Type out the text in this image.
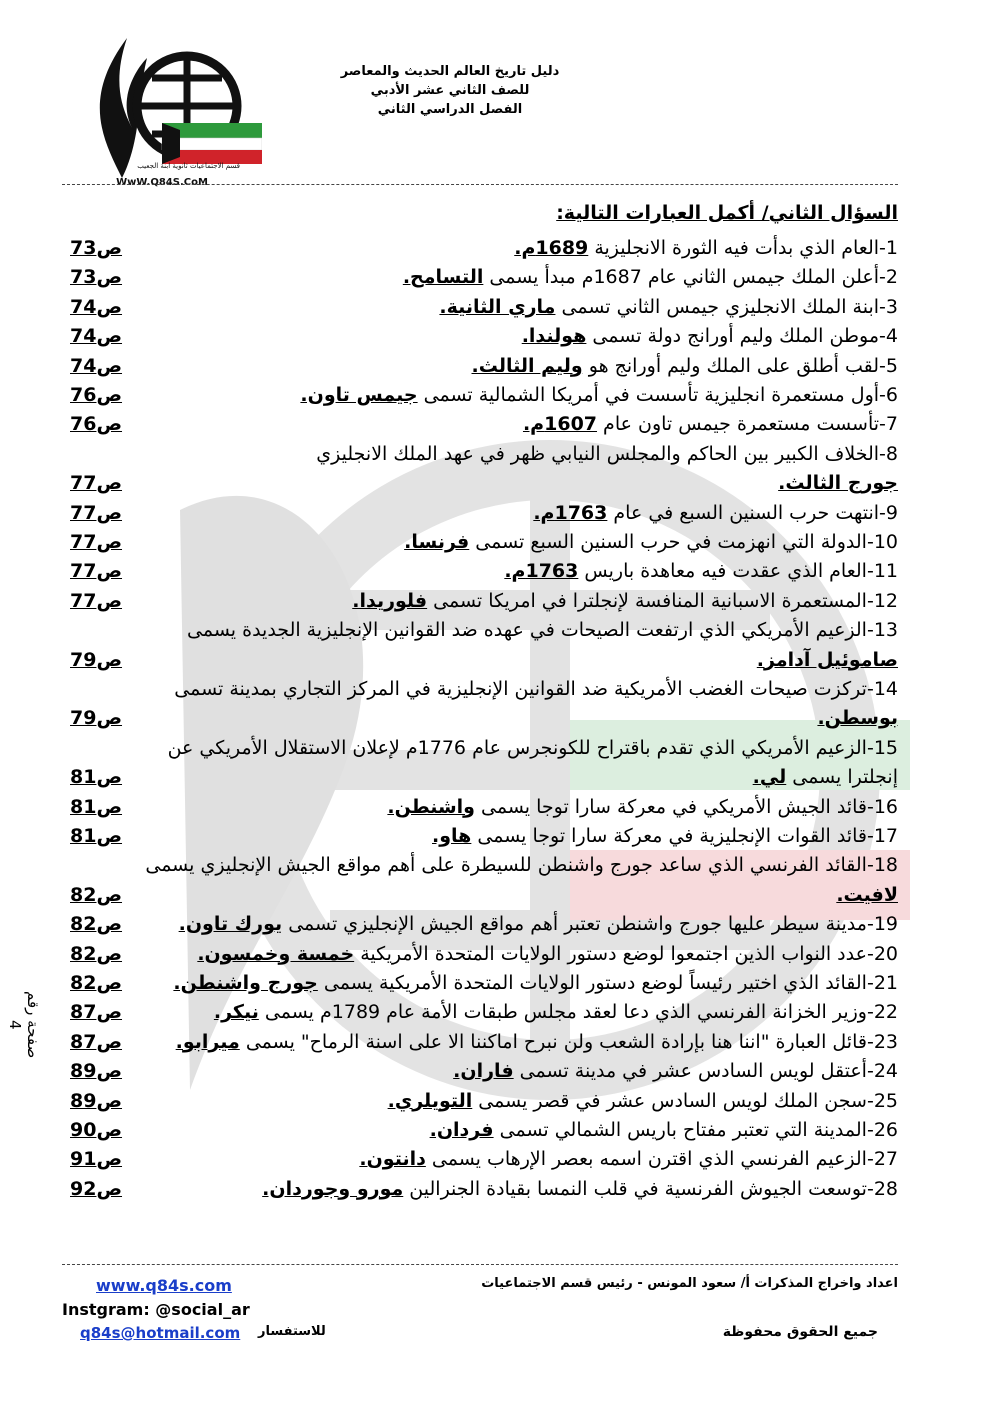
قسم الاجتماعيات ثانوية ابنة الجعيب
WwW.Q84S.CoM
دليل تاريخ العالم الحديث والمعاصر
للصف الثاني عشر الأدبي
الفصل الدراسي الثاني
السؤال الثاني/ أكمل العبارات التالية:
1-العام الذي بدأت فيه الثورة الانجليزية 1689م.
ص73
2-أعلن الملك جيمس الثاني عام 1687م مبدأ يسمى التسامح.
ص73
3-ابنة الملك الانجليزي جيمس الثاني تسمى ماري الثانية.
ص74
4-موطن الملك وليم أورانج دولة تسمى هولندا.
ص74
5-لقب أطلق على الملك وليم أورانج هو وليم الثالث.
ص74
6-أول مستعمرة انجليزية تأسست في أمريكا الشمالية تسمى جيمس تاون.
ص76
7-تأسست مستعمرة جيمس تاون عام 1607م.
ص76
8-الخلاف الكبير بين الحاكم والمجلس النيابي ظهر في عهد الملك الانجليزي
جورج الثالث.
ص77
9-انتهت حرب السنين السبع في عام 1763م.
ص77
10-الدولة التي انهزمت في حرب السنين السبع تسمى فرنسا.
ص77
11-العام الذي عقدت فيه معاهدة باريس 1763م.
ص77
12-المستعمرة الاسبانية المنافسة لإنجلترا في امريكا تسمى فلوريدا.
ص77
13-الزعيم الأمريكي الذي ارتفعت الصيحات في عهده ضد القوانين الإنجليزية الجديدة يسمى
صاموئيل آدامز.
ص79
14-تركزت صيحات الغضب الأمريكية ضد القوانين الإنجليزية في المركز التجاري بمدينة تسمى
بوسطن.
ص79
15-الزعيم الأمريكي الذي تقدم باقتراح للكونجرس عام 1776م لإعلان الاستقلال الأمريكي عن
إنجلترا يسمى لي.
ص81
16-قائد الجيش الأمريكي في معركة سارا توجا يسمى واشنطن.
ص81
17-قائد القوات الإنجليزية في معركة سارا توجا يسمى هاو.
ص81
18-القائد الفرنسي الذي ساعد جورج واشنطن للسيطرة على أهم مواقع الجيش الإنجليزي يسمى
لافيت.
ص82
19-مدينة سيطر عليها جورج واشنطن تعتبر أهم مواقع الجيش الإنجليزي تسمى يورك تاون.
ص82
20-عدد النواب الذين اجتمعوا لوضع دستور الولايات المتحدة الأمريكية خمسة وخمسون.
ص82
21-القائد الذي اختير رئيساً لوضع دستور الولايات المتحدة الأمريكية يسمى جورج واشنطن.
ص82
22-وزير الخزانة الفرنسي الذي دعا لعقد مجلس طبقات الأمة عام 1789م يسمى نيكر.
ص87
23-قائل العبارة "اننا هنا بإرادة الشعب ولن نبرح اماكننا الا على اسنة الرماح" يسمى ميرابو.
ص87
24-أعتقل لويس السادس عشر في مدينة تسمى فاران.
ص89
25-سجن الملك لويس السادس عشر في قصر يسمى التويلري.
ص89
26-المدينة التي تعتبر مفتاح باريس الشمالي تسمى فردان.
ص90
27-الزعيم الفرنسي الذي اقترن اسمه بعصر الإرهاب يسمى دانتون.
ص91
28-توسعت الجيوش الفرنسية في قلب النمسا بقيادة الجنرالين مورو وجوردان.
ص92
صفحة رقم 4
اعداد واخراج المذكرات أ/ سعود المونس - رئيس قسم الاجتماعيات
جميع الحقوق محفوظة
www.q84s.com
Instgram: @social_ar
q84s@hotmail.com للاستفسار
